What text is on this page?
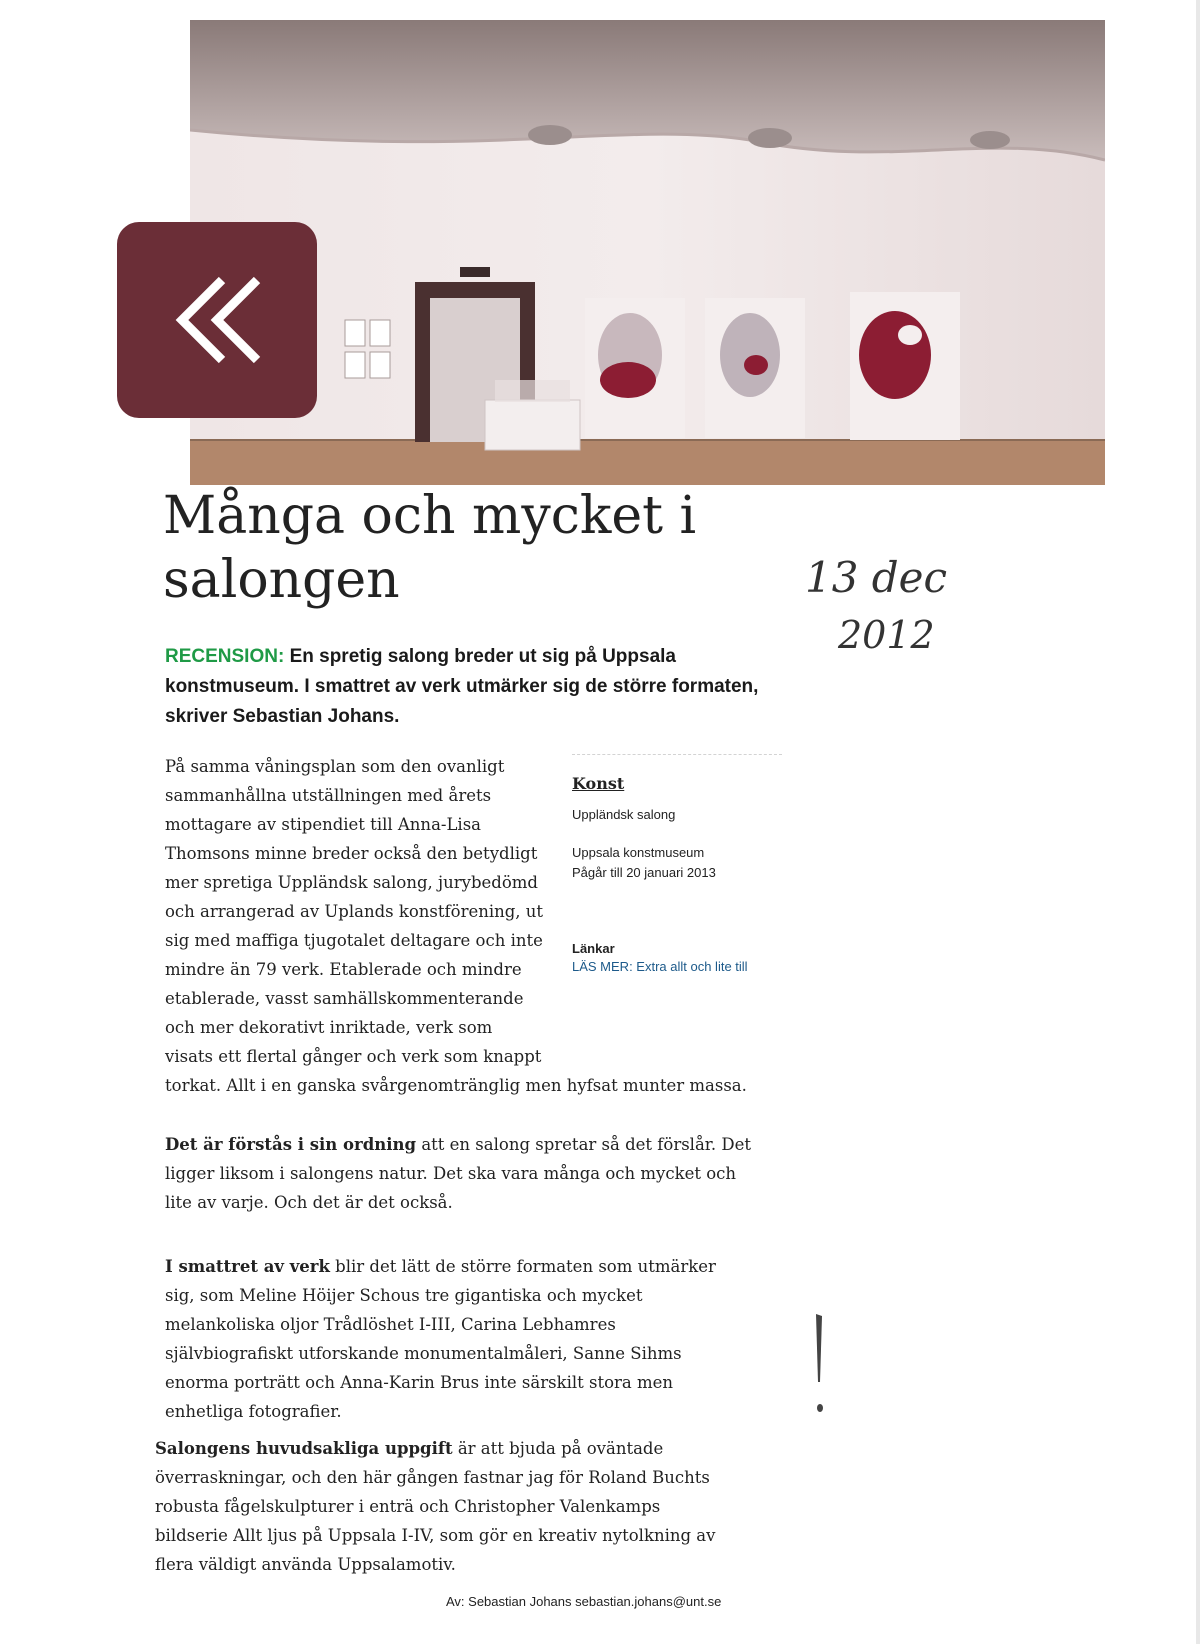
Många och mycket i salongen	13 dec
2012
RECENSION: En spretig salong breder ut sig på Uppsala konstmuseum. I smattret av verk utmärker sig de större formaten, skriver Sebastian Johans.
Konst
Uppländsk salong
Uppsala konstmuseum
Pågår till 20 januari 2013
Länkar
LÄS MER: Extra allt och lite till
På samma våningsplan som den ovanligt
sammanhållna utställningen med årets
mottagare av stipendiet till Anna-Lisa
Thomsons minne breder också den betydligt
mer spretiga Uppländsk salong, jurybedömd
och arrangerad av Uplands konstförening, ut
sig med maffiga tjugotalet deltagare och inte
mindre än 79 verk. Etablerade och mindre
etablerade, vasst samhällskommenterande
och mer dekorativt inriktade, verk som
visats ett flertal gånger och verk som knappt
torkat. Allt i en ganska svårgenomtränglig men hyfsat munter massa.
Det är förstås i sin ordning att en salong spretar så det förslår. Det ligger liksom i salongens natur. Det ska vara många och mycket och lite av varje. Och det är det också.
I smattret av verk blir det lätt de större formaten som utmärker sig, som Meline Höijer Schous tre gigantiska och mycket melankoliska oljor Trådlöshet I-III, Carina Lebhamres självbiografiskt utforskande monumentalmåleri, Sanne Sihms enorma porträtt och Anna-Karin Brus inte särskilt stora men enhetliga fotografier.
Salongens huvudsakliga uppgift är att bjuda på oväntade överraskningar, och den här gången fastnar jag för Roland Buchts robusta fågelskulpturer i enträ och Christopher Valenkamps bildserie Allt ljus på Uppsala I-IV, som gör en kreativ nytolkning av flera väldigt använda Uppsalamotiv.
Av: Sebastian Johans sebastian.johans@unt.se
